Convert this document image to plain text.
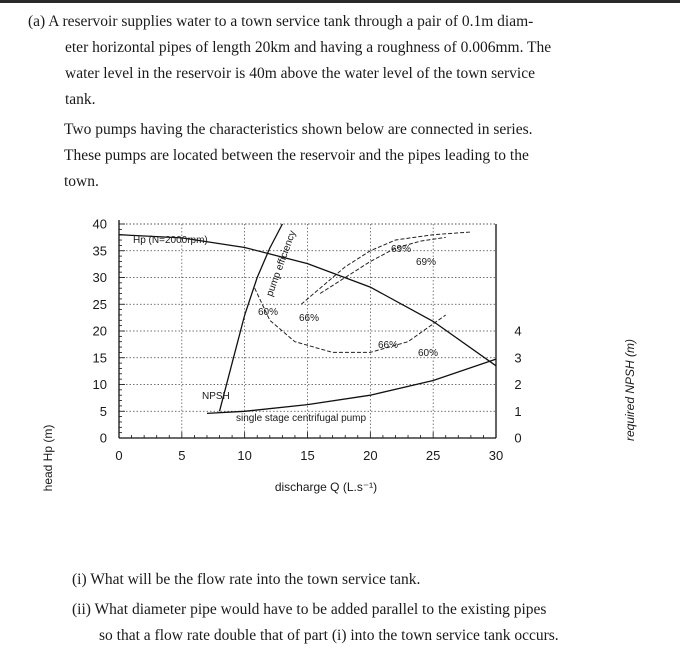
(a) A reservoir supplies water to a town service tank through a pair of 0.1m diam-
eter horizontal pipes of length 20km and having a roughness of 0.006mm. The
water level in the reservoir is 40m above the water level of the town service
tank.

Two pumps having the characteristics shown below are connected in series.
These pumps are located between the reservoir and the pipes leading to the
town.

0
5
10
15
20
25
30
35
40
0	5	10	15	20	25	30
0
1
2
3
4
head Hp (m)
required NPSH (m)
discharge Q (L.s⁻¹)
Hp (N=2000rpm)	pump efficiency
60%
66%
69%
69%
66%
60%
NPSH
single stage centrifugal pump
(i) What will be the flow rate into the town service tank.
(ii) What diameter pipe would have to be added parallel to the existing pipes
so that a flow rate double that of part (i) into the town service tank occurs.
